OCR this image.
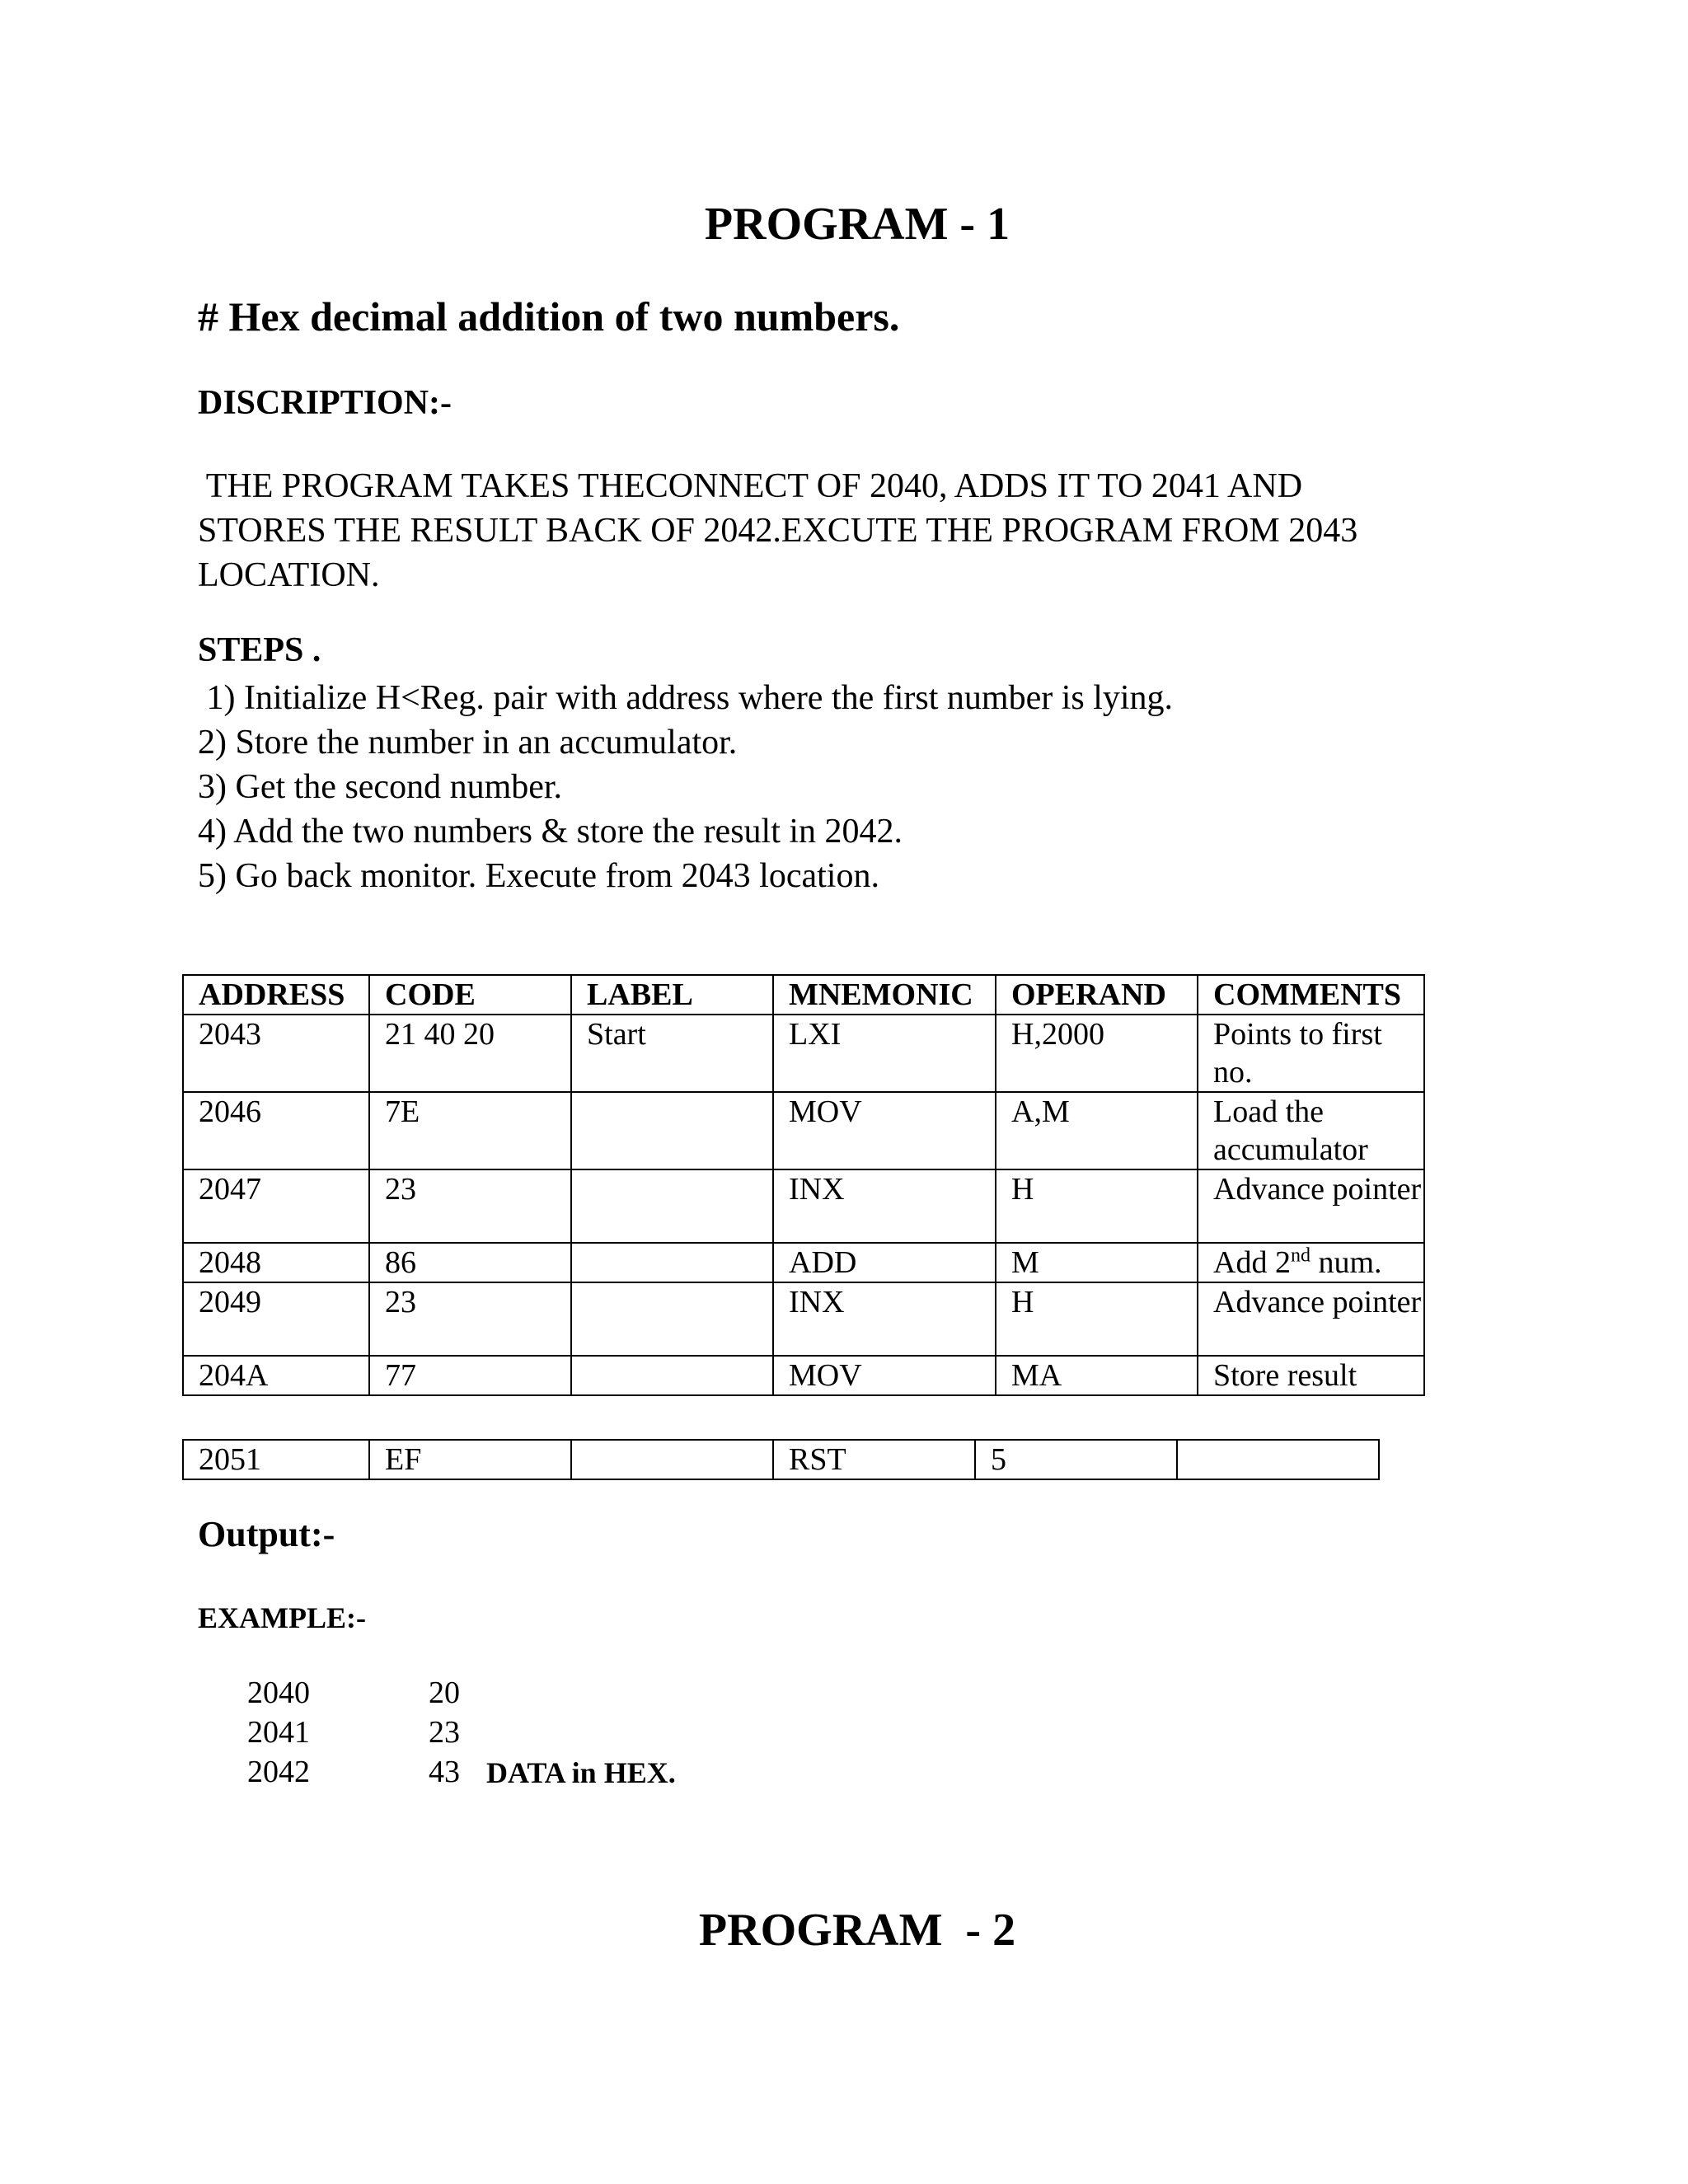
PROGRAM - 1
# Hex decimal addition of two numbers.
DISCRIPTION:-
THE PROGRAM TAKES THECONNECT OF 2040, ADDS IT TO 2041 AND
STORES THE RESULT BACK OF 2042.EXCUTE THE PROGRAM FROM 2043
LOCATION.
STEPS .
1) Initialize H<Reg. pair with address where the first number is lying.
2) Store the number in an accumulator.
3) Get the second number.
4) Add the two numbers & store the result in 2042.
5) Go back monitor. Execute from 2043 location.
ADDRESS	CODE	LABEL	MNEMONIC	OPERAND	COMMENTS
2043	21 40 20	Start	LXI	H,2000	Points to first no.
2046	7E		MOV	A,M	Load the accumulator
2047	23		INX	H	Advance pointer
2048	86		ADD	M	Add 2nd num.
2049	23		INX	H	Advance pointer
204A	77		MOV	MA	Store result
2051	EF		RST	5	
Output:-
EXAMPLE:-
2040	20
2041	23
2042	43 DATA in HEX.
PROGRAM  - 2
